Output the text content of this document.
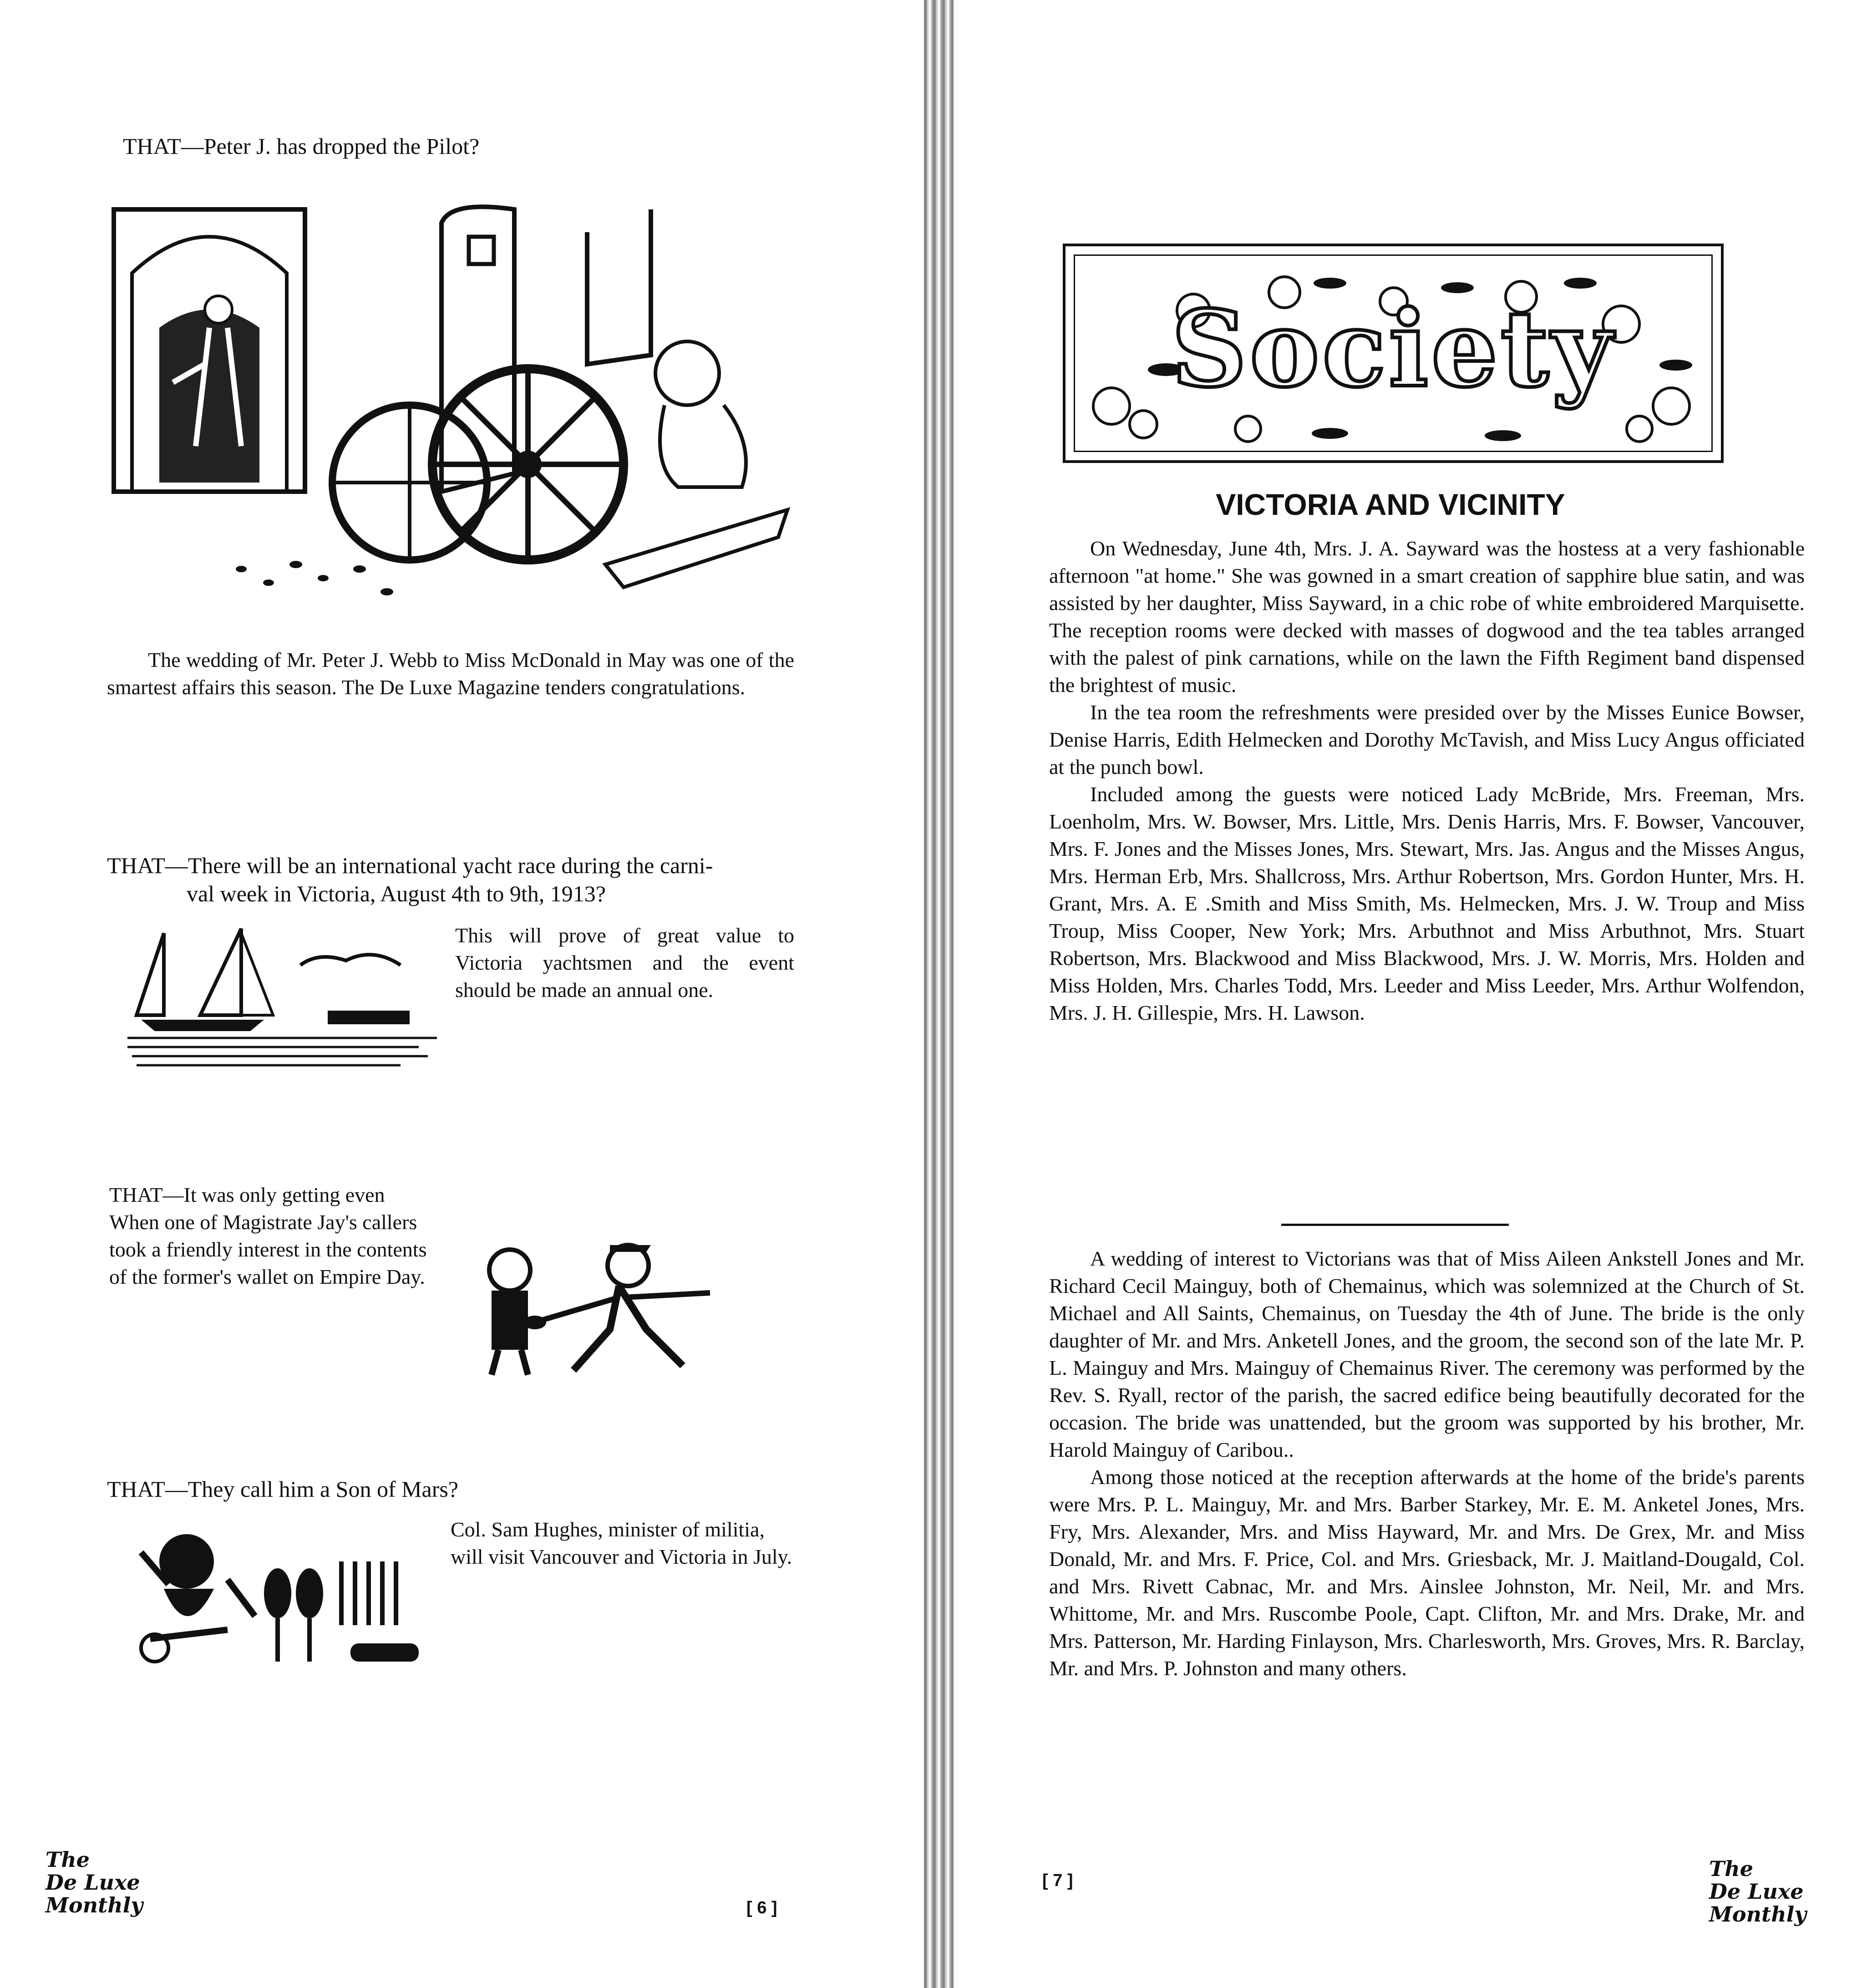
THAT—Peter J. has dropped the Pilot?

The wedding of Mr. Peter J. Webb to Miss McDonald in May was one of the smartest affairs this season. The De Luxe Magazine tenders congratulations.

THAT—There will be an international yacht race during the carni-
val week in Victoria, August 4th to 9th, 1913?
This will prove of great value to Victoria yachtsmen and the event should be made an annual one.
THAT—It was only getting even When one of Magistrate Jay's callers took a friendly interest in the contents of the former's wallet on Empire Day.
THAT—They call him a Son of Mars?
Col. Sam Hughes, minister of militia, will visit Vancouver and Victoria in July.
The
De Luxe
Monthly	[ 6 ]
Society
VICTORIA AND VICINITY

On Wednesday, June 4th, Mrs. J. A. Sayward was the hostess at a very fashionable afternoon "at home." She was gowned in a smart creation of sapphire blue satin, and was assisted by her daughter, Miss Sayward, in a chic robe of white embroidered Marquisette. The reception rooms were decked with masses of dogwood and the tea tables arranged with the palest of pink carnations, while on the lawn the Fifth Regiment band dispensed the brightest of music.

In the tea room the refreshments were presided over by the Misses Eunice Bowser, Denise Harris, Edith Helmecken and Dorothy McTavish, and Miss Lucy Angus officiated at the punch bowl.

Included among the guests were noticed Lady McBride, Mrs. Freeman, Mrs. Loenholm, Mrs. W. Bowser, Mrs. Little, Mrs. Denis Harris, Mrs. F. Bowser, Vancouver, Mrs. F. Jones and the Misses Jones, Mrs. Stewart, Mrs. Jas. Angus and the Misses Angus, Mrs. Herman Erb, Mrs. Shallcross, Mrs. Arthur Robertson, Mrs. Gordon Hunter, Mrs. H. Grant, Mrs. A. E .Smith and Miss Smith, Ms. Helmecken, Mrs. J. W. Troup and Miss Troup, Miss Cooper, New York; Mrs. Arbuthnot and Miss Arbuthnot, Mrs. Stuart Robertson, Mrs. Blackwood and Miss Blackwood, Mrs. J. W. Morris, Mrs. Holden and Miss Holden, Mrs. Charles Todd, Mrs. Leeder and Miss Leeder, Mrs. Arthur Wolfendon, Mrs. J. H. Gillespie, Mrs. H. Lawson.

A wedding of interest to Victorians was that of Miss Aileen Ankstell Jones and Mr. Richard Cecil Mainguy, both of Chemainus, which was solemnized at the Church of St. Michael and All Saints, Chemainus, on Tuesday the 4th of June. The bride is the only daughter of Mr. and Mrs. Anketell Jones, and the groom, the second son of the late Mr. P. L. Mainguy and Mrs. Mainguy of Chemainus River. The ceremony was performed by the Rev. S. Ryall, rector of the parish, the sacred edifice being beautifully decorated for the occasion. The bride was unattended, but the groom was supported by his brother, Mr. Harold Mainguy of Caribou..

Among those noticed at the reception afterwards at the home of the bride's parents were Mrs. P. L. Mainguy, Mr. and Mrs. Barber Starkey, Mr. E. M. Anketel Jones, Mrs. Fry, Mrs. Alexander, Mrs. and Miss Hayward, Mr. and Mrs. De Grex, Mr. and Miss Donald, Mr. and Mrs. F. Price, Col. and Mrs. Griesback, Mr. J. Maitland-Dougald, Col. and Mrs. Rivett Cabnac, Mr. and Mrs. Ainslee Johnston, Mr. Neil, Mr. and Mrs. Whittome, Mr. and Mrs. Ruscombe Poole, Capt. Clifton, Mr. and Mrs. Drake, Mr. and Mrs. Patterson, Mr. Harding Finlayson, Mrs. Charlesworth, Mrs. Groves, Mrs. R. Barclay, Mr. and Mrs. P. Johnston and many others.

[ 7 ]	The
De Luxe
Monthly
